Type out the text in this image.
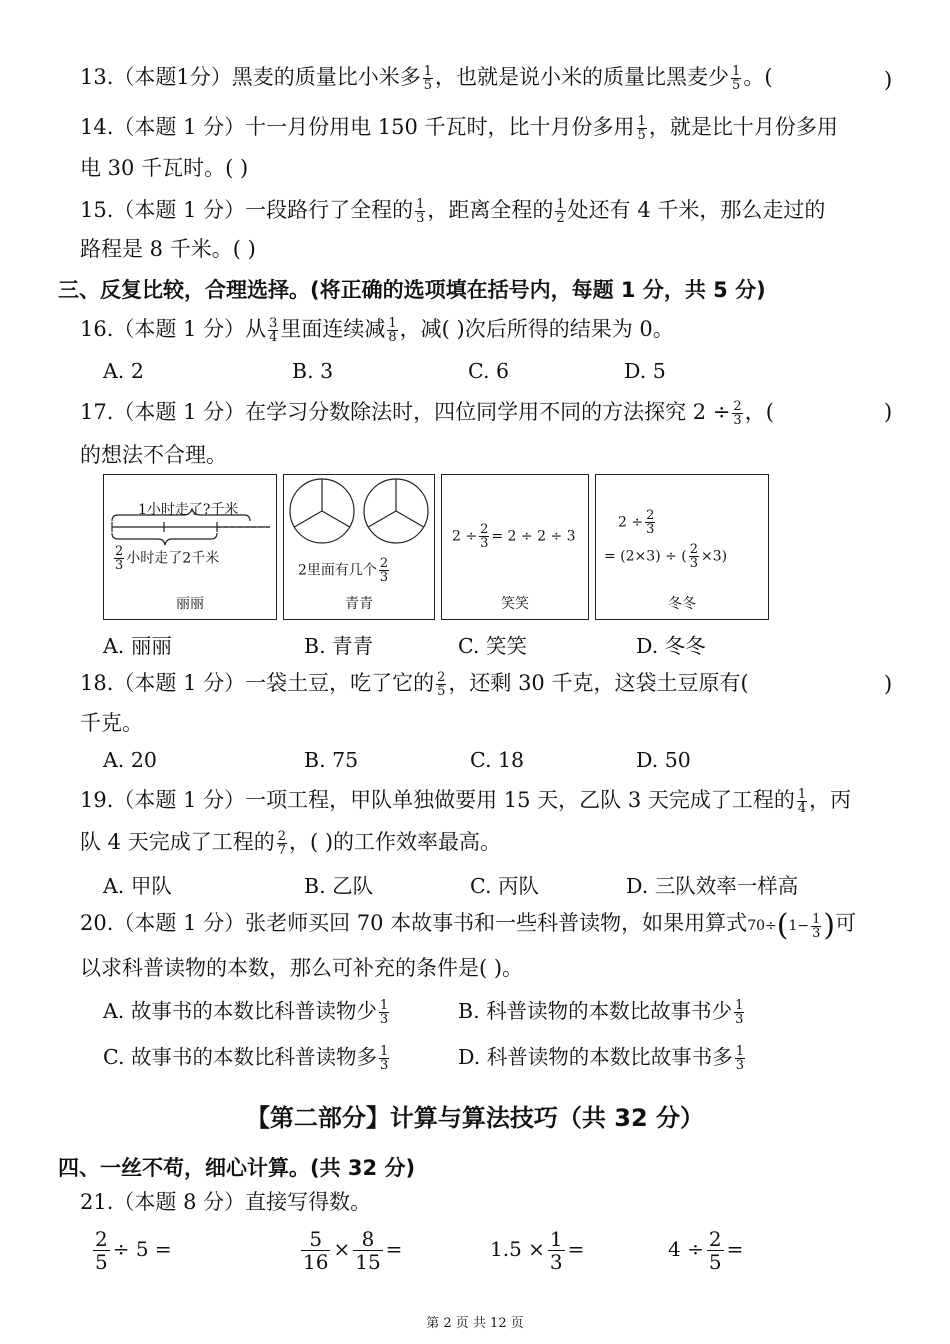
13.（本题1分）黑麦的质量比小米多 $\frac{1}{5}$ ，也就是说小米的质量比黑麦少 $\frac{1}{5}$ 。(	)
14.（本题 1 分）十一月份用电 150 千瓦时，比十月份多用 $\frac{1}{5}$ ，就是比十月份多用
电 30 千瓦时。( )
15.（本题 1 分）一段路行了全程的 $\frac{1}{3}$ ，距离全程的 $\frac{1}{2}$ 处还有 4 千米，那么走过的
路程是 8 千米。( )
三、反复比较，合理选择。(将正确的选项填在括号内，每题 1 分，共 5 分)
16.（本题 1 分）从 $\frac{3}{4}$ 里面连续减 $\frac{1}{8}$ ，减( )次后所得的结果为 0。
A. 2	B. 3	C. 6	D. 5
17.（本题 1 分）在学习分数除法时，四位同学用不同的方法探究 $2 \div \frac{2}{3}$ ，(	)
的想法不合理。
1小时走了?千米
$\frac{2}{3}$ 小时走了2千米
丽丽
2里面有几个 $\frac{2}{3}$
青青
$2 \div \frac{2}{3} = 2 \div 2 \div 3$
笑笑
$2 \div \frac{2}{3}$
= (2×3) ÷ ( $\frac{2}{3} \times 3$)
冬冬
A. 丽丽	B. 青青	C. 笑笑	D. 冬冬
18.（本题 1 分）一袋土豆，吃了它的 $\frac{2}{5}$ ，还剩 30 千克，这袋土豆原有(	)
千克。
A. 20	B. 75	C. 18	D. 50
19.（本题 1 分）一项工程，甲队单独做要用 15 天，乙队 3 天完成了工程的 $\frac{1}{4}$ ，丙
队 4 天完成了工程的 $\frac{2}{7}$ ，( )的工作效率最高。
A. 甲队	B. 乙队	C. 丙队	D. 三队效率一样高
20.（本题 1 分）张老师买回 70 本故事书和一些科普读物，如果用算式$70\div(1- \frac{1}{3}$ )可
以求科普读物的本数，那么可补充的条件是( )。
A. 故事书的本数比科普读物少 $\frac{1}{3}$	B. 科普读物的本数比故事书少 $\frac{1}{3}$
C. 故事书的本数比科普读物多 $\frac{1}{3}$	D. 科普读物的本数比故事书多 $\frac{1}{3}$
【第二部分】计算与算法技巧（共 32 分）
四、一丝不苟，细心计算。(共 32 分)
21.（本题 8 分）直接写得数。
$\frac{2}{5} \div 5$ =	$\frac{5}{16} \times \frac{8}{15}$ =	$1.5 \times \frac{1}{3}$ =	$4 \div \frac{2}{5}$ =
第 2 页 共 12 页
